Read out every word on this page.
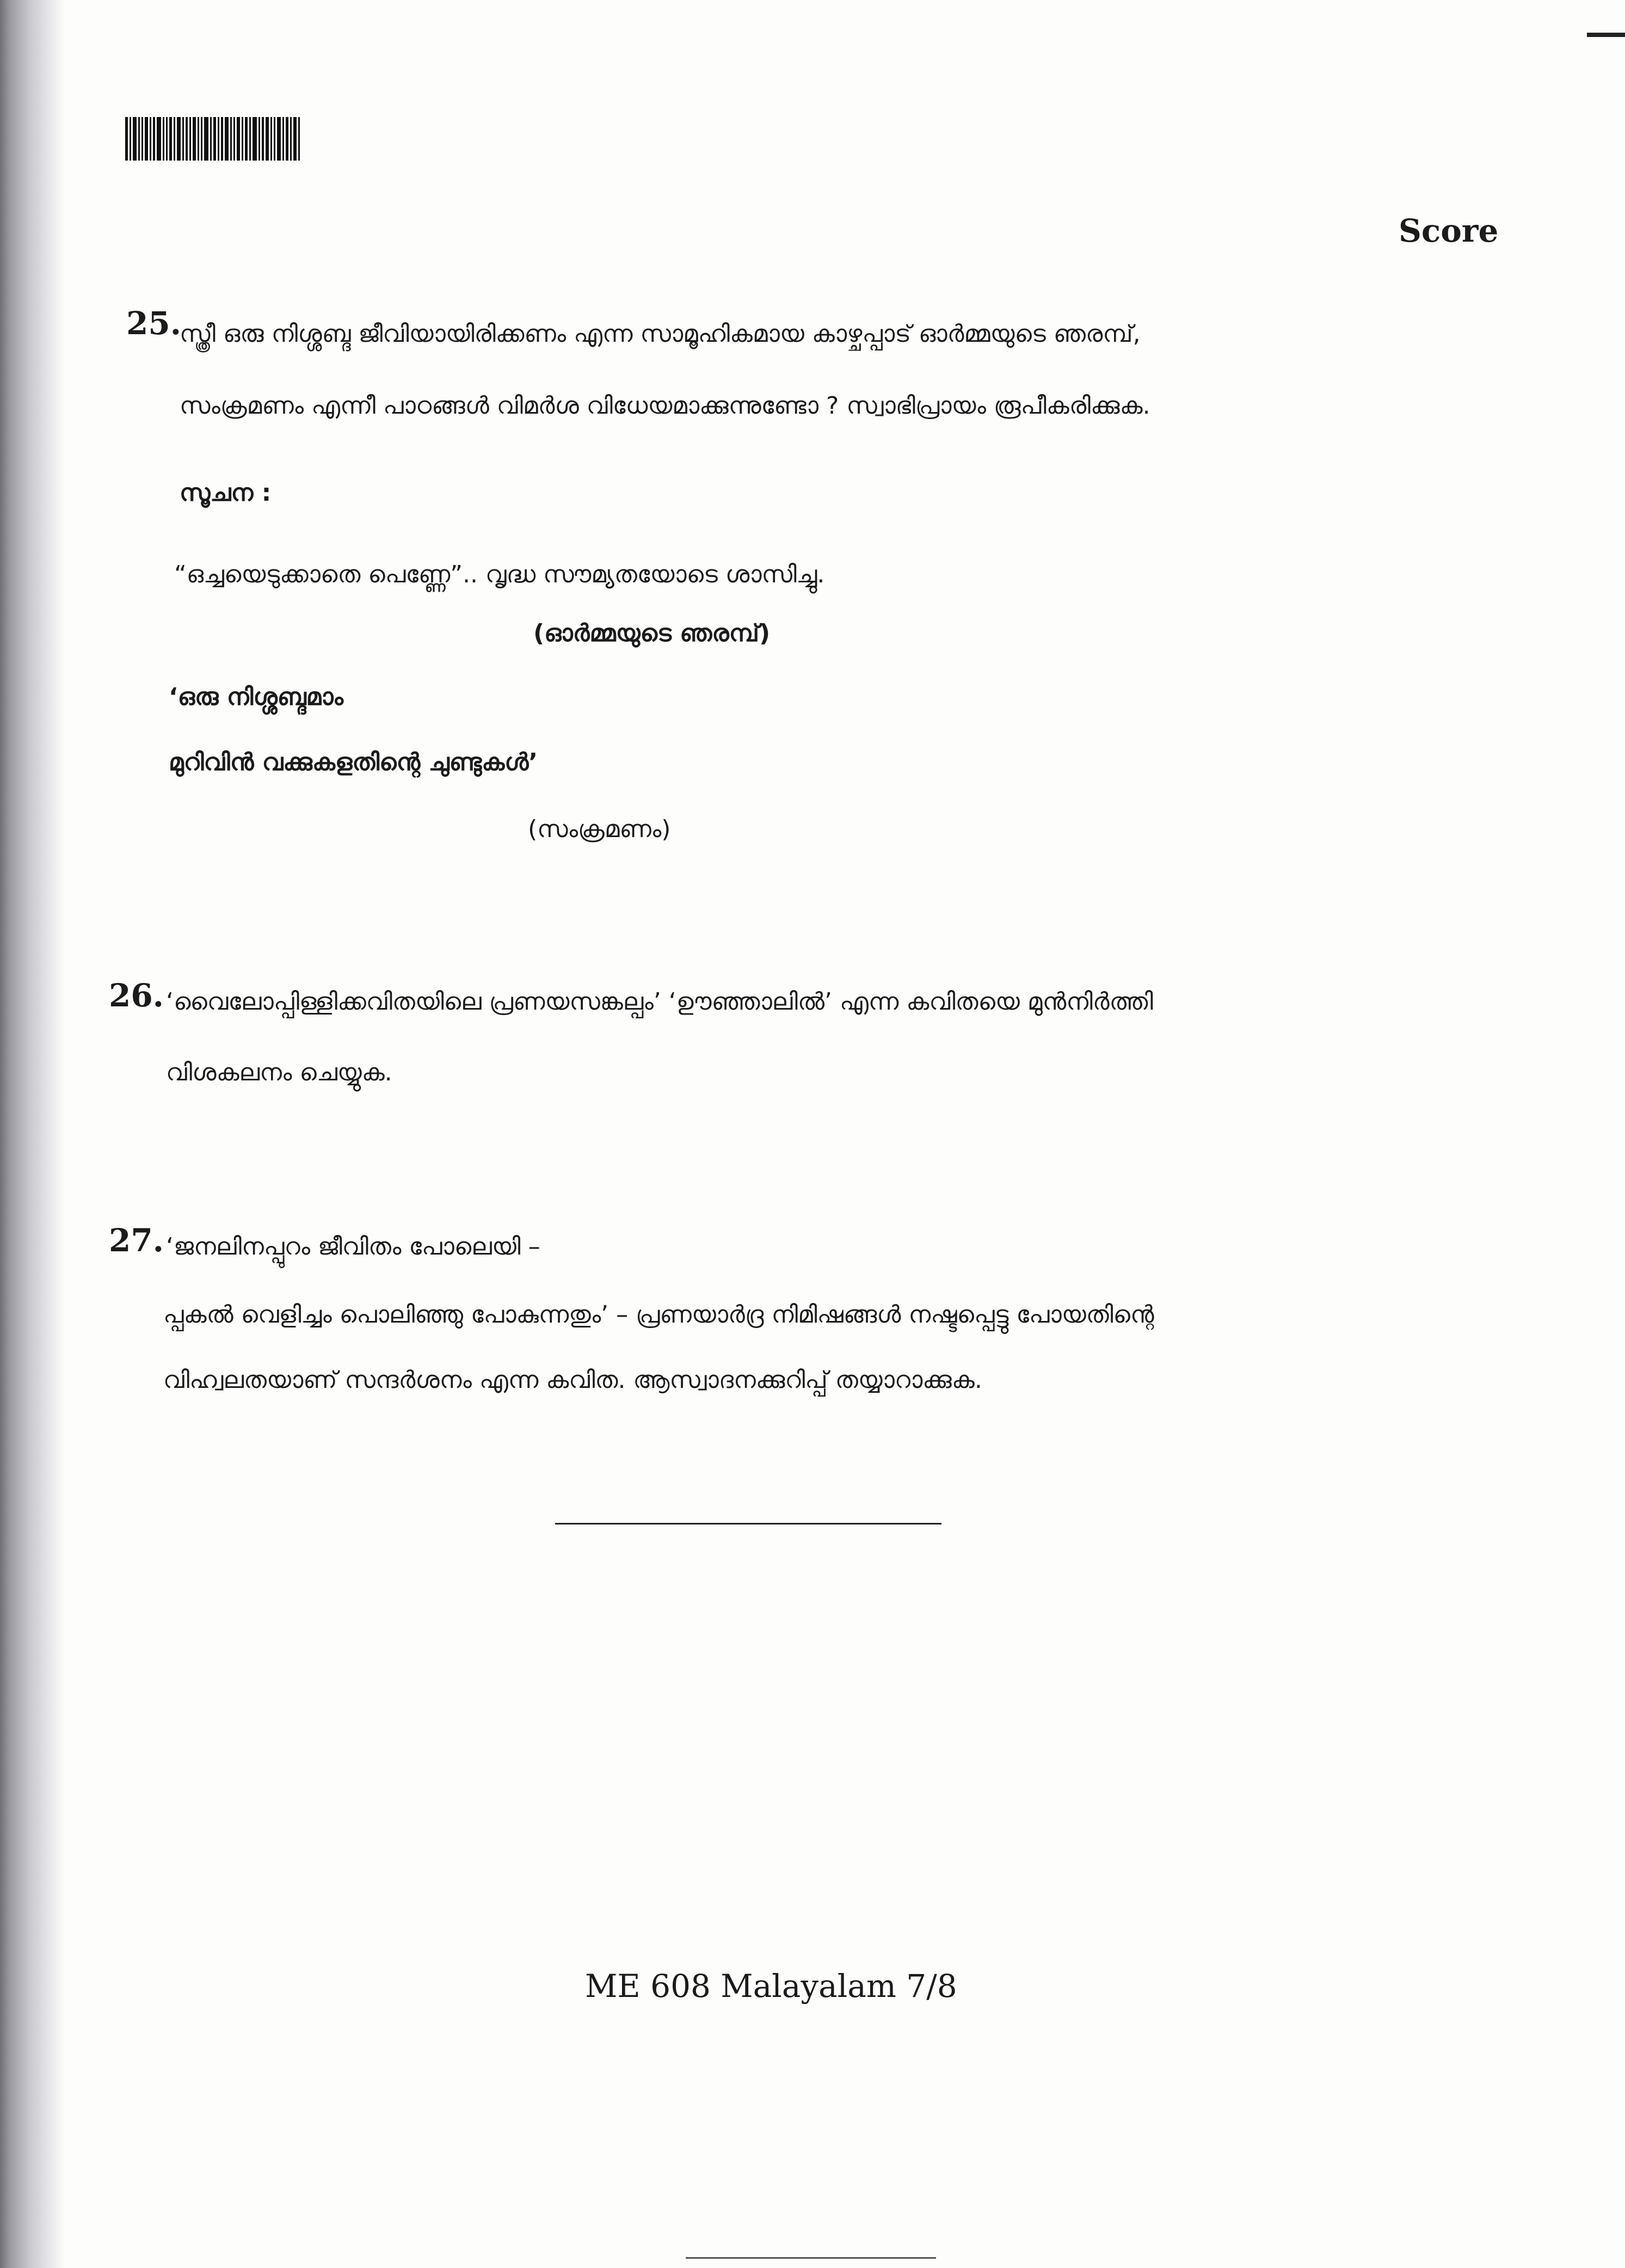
Score
25.
സ്ത്രീ ഒരു നിശ്ശബ്ദ ജീവിയായിരിക്കണം എന്ന സാമൂഹികമായ കാഴ്ചപ്പാട് ഓർമ്മയുടെ ഞരമ്പ്,
സംക്രമണം എന്നീ പാഠങ്ങൾ വിമർശ വിധേയമാക്കുന്നുണ്ടോ ? സ്വാഭിപ്രായം രൂപീകരിക്കുക.
സൂചന :
“ഒച്ചയെടുക്കാതെ പെണ്ണേ”.. വൃദ്ധ സൗമ്യതയോടെ ശാസിച്ചു.
(ഓർമ്മയുടെ ഞരമ്പ്)
‘ഒരു നിശ്ശബ്ദമാം
മുറിവിൻ വക്കുകളതിന്റെ ചുണ്ടുകൾ’
(സംക്രമണം)
26. ‘വൈലോപ്പിള്ളിക്കവിതയിലെ പ്രണയസങ്കല്പം’ ‘ഊഞ്ഞാലിൽ’ എന്ന കവിതയെ മുൻനിർത്തി
വിശകലനം ചെയ്യുക.
27. ‘ജനലിനപ്പുറം ജീവിതം പോലെയി –
പ്പകൽ വെളിച്ചം പൊലിഞ്ഞു പോകുന്നതും’ – പ്രണയാർദ്ര നിമിഷങ്ങൾ നഷ്ടപ്പെട്ടു പോയതിന്റെ
വിഹ്വലതയാണ് സന്ദർശനം എന്ന കവിത. ആസ്വാദനക്കുറിപ്പ് തയ്യാറാക്കുക.
ME 608 Malayalam 7/8
